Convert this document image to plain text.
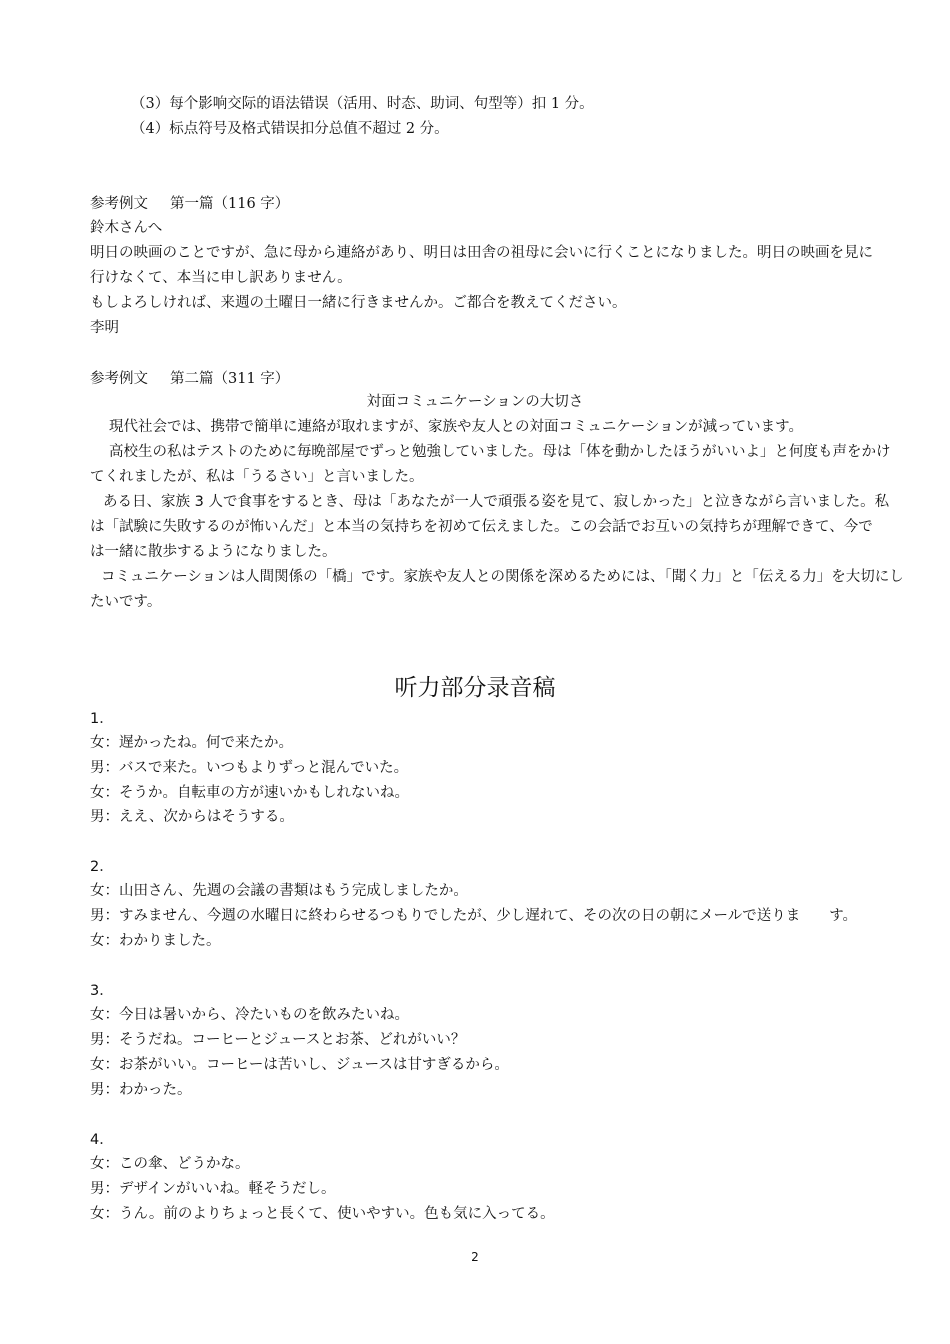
（3）每个影响交际的语法错误（活用、时态、助词、句型等）扣 1 分。
（4）标点符号及格式错误扣分总值不超过 2 分。
参考例文 第一篇（116 字）
鈴木さんへ
明日の映画のことですが、急に母から連絡があり、明日は田舎の祖母に会いに行くことになりました。明日の映画を見に
行けなくて、本当に申し訳ありません。
もしよろしければ、来週の土曜日一緒に行きませんか。ご都合を教えてください。
李明
参考例文 第二篇（311 字）
対面コミュニケーションの大切さ
現代社会では、携帯で簡単に連絡が取れますが、家族や友人との対面コミュニケーションが減っています。
高校生の私はテストのために毎晩部屋でずっと勉強していました。母は「体を動かしたほうがいいよ」と何度も声をかけ
てくれましたが、私は「うるさい」と言いました。
ある日、家族 3 人で食事をするとき、母は「あなたが一人で頑張る姿を見て、寂しかった」と泣きながら言いました。私
は「試験に失敗するのが怖いんだ」と本当の気持ちを初めて伝えました。この会話でお互いの気持ちが理解できて、今で
は一緒に散歩するようになりました。
コミュニケーションは人間関係の「橋」です。家族や友人との関係を深めるためには、「聞く力」と「伝える力」を大切にし
たいです。
听力部分录音稿
1．
女：遅かったね。何で来たか。
男：バスで来た。いつもよりずっと混んでいた。
女：そうか。自転車の方が速いかもしれないね。
男：ええ、次からはそうする。
2．
女：山田さん、先週の会議の書類はもう完成しましたか。
男：すみません、今週の水曜日に終わらせるつもりでしたが、少し遅れて、その次の日の朝にメールで送りま　　す。
女：わかりました。
3．
女：今日は暑いから、冷たいものを飲みたいね。
男：そうだね。コーヒーとジュースとお茶、どれがいい？
女：お茶がいい。コーヒーは苦いし、ジュースは甘すぎるから。
男：わかった。
4．
女：この傘、どうかな。
男：デザインがいいね。軽そうだし。
女：うん。前のよりちょっと長くて、使いやすい。色も気に入ってる。
2
